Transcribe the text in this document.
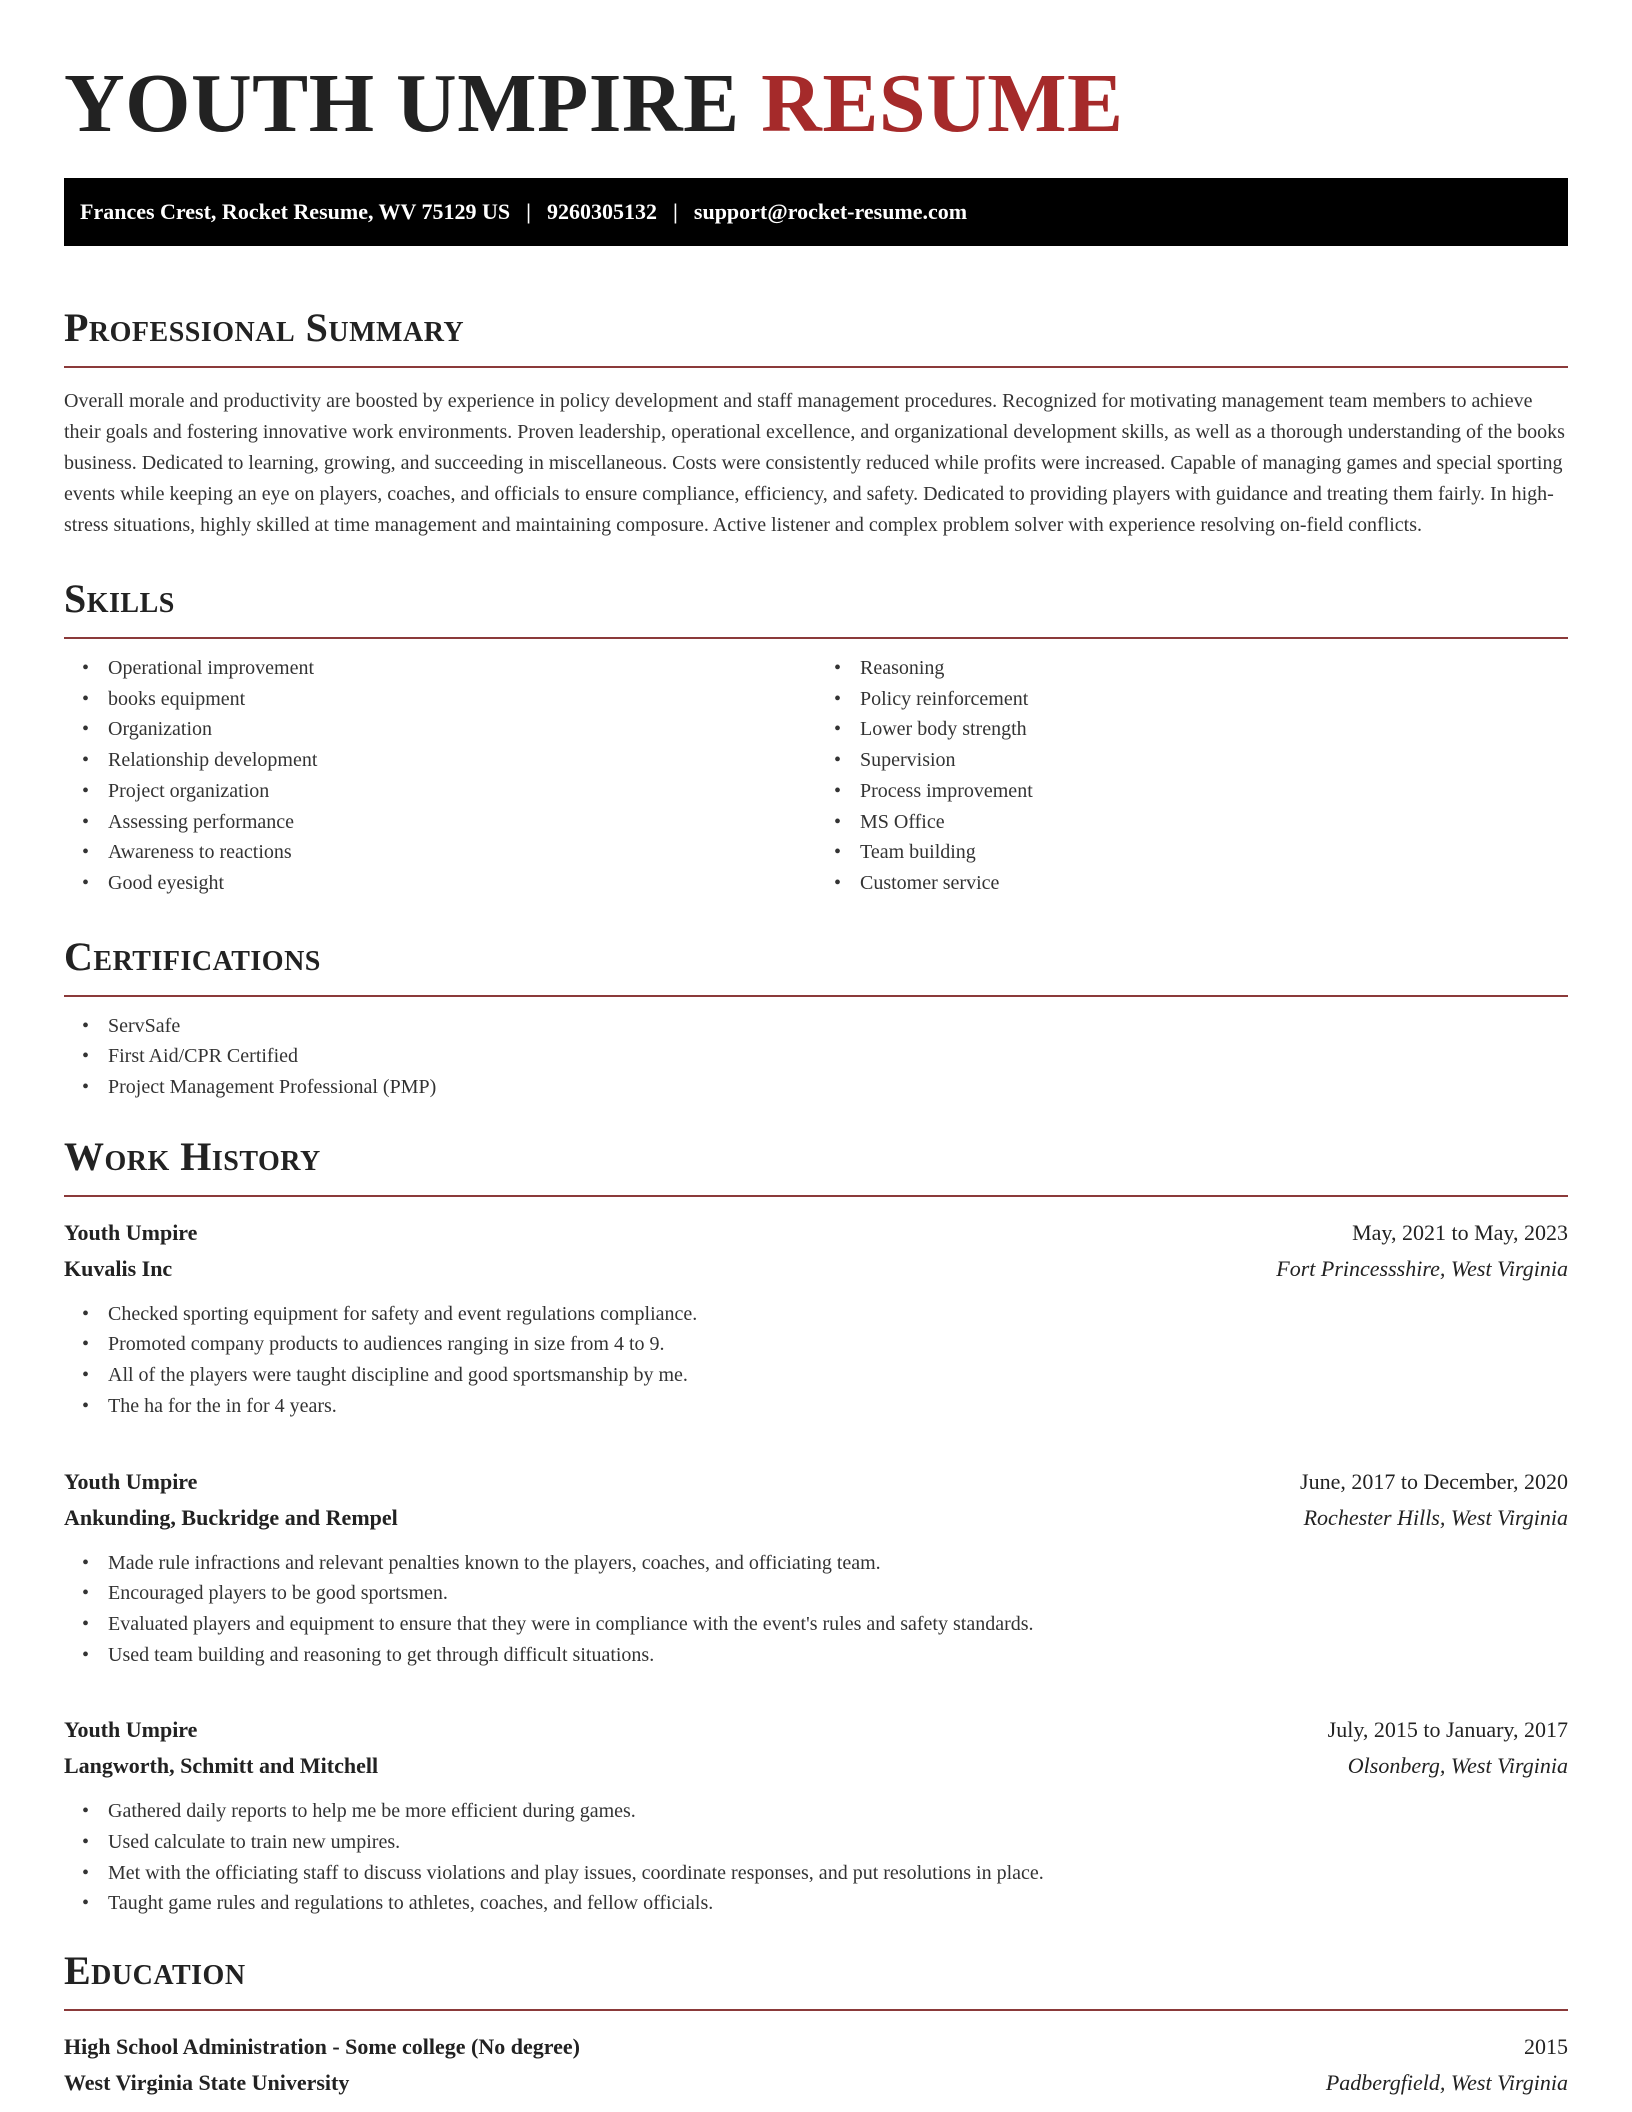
YOUTH UMPIRE RESUME
Frances Crest, Rocket Resume, WV 75129 US | 9260305132 | support@rocket-resume.com
Professional Summary

Overall morale and productivity are boosted by experience in policy development and staff management procedures. Recognized for motivating management team members to achieve their goals and fostering innovative work environments. Proven leadership, operational excellence, and organizational development skills, as well as a thorough understanding of the books business. Dedicated to learning, growing, and succeeding in miscellaneous. Costs were consistently reduced while profits were increased. Capable of managing games and special sporting events while keeping an eye on players, coaches, and officials to ensure compliance, efficiency, and safety. Dedicated to providing players with guidance and treating them fairly. In high-stress situations, highly skilled at time management and maintaining composure. Active listener and complex problem solver with experience resolving on-field conflicts.

Skills
• Operational improvement
• books equipment
• Organization
• Relationship development
• Project organization
• Assessing performance
• Awareness to reactions
• Good eyesight
• Reasoning
• Policy reinforcement
• Lower body strength
• Supervision
• Process improvement
• MS Office
• Team building
• Customer service
Certifications
• ServSafe
• First Aid/CPR Certified
• Project Management Professional (PMP)
Work History
Youth Umpire	May, 2021 to May, 2023
Kuvalis Inc	Fort Princessshire, West Virginia
• Checked sporting equipment for safety and event regulations compliance.
• Promoted company products to audiences ranging in size from 4 to 9.
• All of the players were taught discipline and good sportsmanship by me.
• The ha for the in for 4 years.
Youth Umpire	June, 2017 to December, 2020
Ankunding, Buckridge and Rempel	Rochester Hills, West Virginia
• Made rule infractions and relevant penalties known to the players, coaches, and officiating team.
• Encouraged players to be good sportsmen.
• Evaluated players and equipment to ensure that they were in compliance with the event's rules and safety standards.
• Used team building and reasoning to get through difficult situations.
Youth Umpire	July, 2015 to January, 2017
Langworth, Schmitt and Mitchell	Olsonberg, West Virginia
• Gathered daily reports to help me be more efficient during games.
• Used calculate to train new umpires.
• Met with the officiating staff to discuss violations and play issues, coordinate responses, and put resolutions in place.
• Taught game rules and regulations to athletes, coaches, and fellow officials.
Education
High School Administration - Some college (No degree)	2015
West Virginia State University	Padbergfield, West Virginia
